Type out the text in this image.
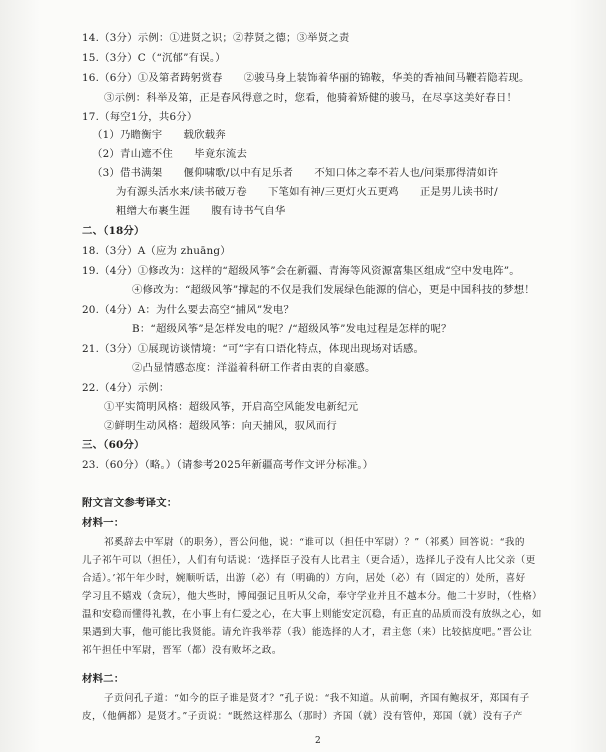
14.（3分）示例：①进贤之识；②荐贤之德；③举贤之责
15.（3分）C（“沉郁”有误。）
16.（6分）①及第者踌躬赏春　　②骏马身上装饰着华丽的锦鞍，华美的香袖间马鞭若隐若现。
③示例：科举及第，正是春风得意之时，您看，他骑着矫健的骏马，在尽享这美好春日！
17.（每空1分，共6分）
（1）乃瞻衡宇　　载欣载奔
（2）青山遮不住　　毕竟东流去
（3）借书满架　　偃仰啸歌/以中有足乐者　　不知口体之奉不若人也/问渠那得清如许
为有源头活水来/读书破万卷　　下笔如有神/三更灯火五更鸡　　正是男儿读书时/
粗缯大布裹生涯　　腹有诗书气自华
二、（18分）
18.（3分）A（应为 zhuāng）
19.（4分）①修改为：这样的“超级风筝”会在新疆、青海等风资源富集区组成“空中发电阵”。
④修改为：“超级风筝”撑起的不仅是我们发展绿色能源的信心，更是中国科技的梦想！
20.（4分）A：为什么要去高空“捕风”发电？
B：“超级风筝”是怎样发电的呢？/“超级风筝”发电过程是怎样的呢？
21.（3分）①展现访谈情境：“可”字有口语化特点，体现出现场对话感。
②凸显情感态度：洋溢着科研工作者由衷的自豪感。
22.（4分）示例：
①平实简明风格：超级风筝，开启高空风能发电新纪元
②鲜明生动风格：超级风筝：向天捕风，驭风而行
三、（60分）
23.（60分）（略。）（请参考2025年新疆高考作文评分标准。）
附文言文参考译文：
材料一：
祁奚辞去中军尉（的职务），晋公问他，说：“谁可以（担任中军尉）？”（祁奚）回答说：“我的
儿子祁午可以（担任），人们有句话说：‘选择臣子没有人比君主（更合适），选择儿子没有人比父亲（更
合适）。’祁午年少时，婉顺听话，出游（必）有（明确的）方向，居处（必）有（固定的）处所，喜好
学习且不嬉戏（贪玩），他大些时，博闻强记且听从父命，奉守学业并且不越本分。他二十岁时，（性格）
温和安稳而懂得礼教，在小事上有仁爱之心，在大事上则能安定沉稳，有正直的品质而没有放纵之心，如
果遇到大事，他可能比我贤能。请允许我举荐（我）能选择的人才，君主您（来）比较掂度吧。”晋公让
祁午担任中军尉，晋军（都）没有败坏之政。
材料二：
子贡问孔子道：“如今的臣子谁是贤才？”孔子说：“我不知道。从前啊，齐国有鲍叔牙，郑国有子
皮，（他俩都）是贤才。”子贡说：“既然这样那么（那时）齐国（就）没有管仲，郑国（就）没有子产
2
